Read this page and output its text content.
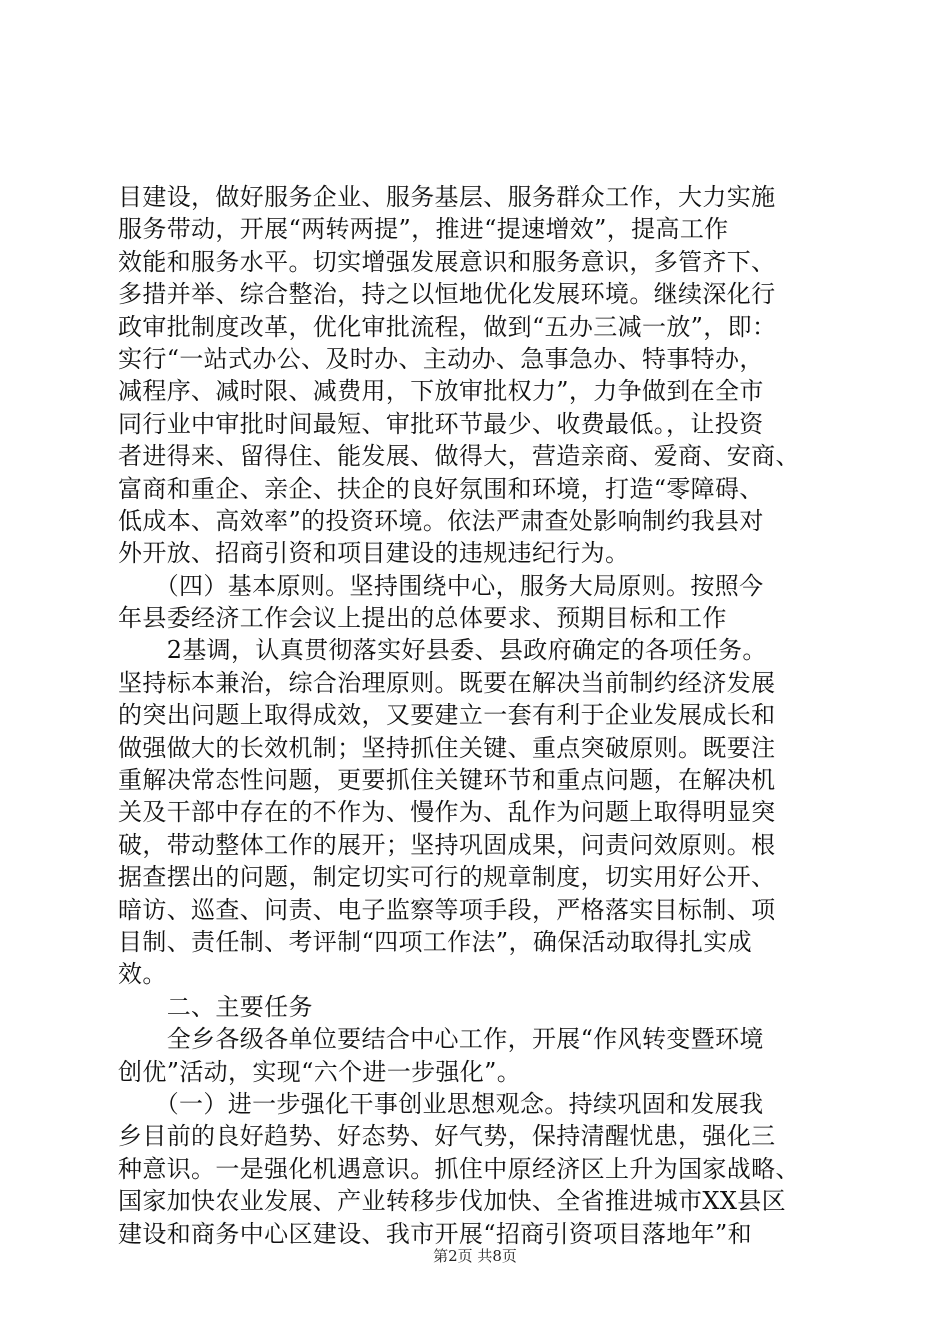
目建设，做好服务企业、服务基层、服务群众工作，大力实施
服务带动，开展“两转两提”，推进“提速增效”，提高工作
效能和服务水平。切实增强发展意识和服务意识，多管齐下、
多措并举、综合整治，持之以恒地优化发展环境。继续深化行
政审批制度改革，优化审批流程，做到“五办三减一放”，即：
实行“一站式办公、及时办、主动办、急事急办、特事特办，
减程序、减时限、减费用，下放审批权力”，力争做到在全市
同行业中审批时间最短、审批环节最少、收费最低。，让投资
者进得来、留得住、能发展、做得大，营造亲商、爱商、安商、
富商和重企、亲企、扶企的良好氛围和环境，打造“零障碍、
低成本、高效率”的投资环境。依法严肃查处影响制约我县对
外开放、招商引资和项目建设的违规违纪行为。
　　（四）基本原则。坚持围绕中心，服务大局原则。按照今
年县委经济工作会议上提出的总体要求、预期目标和工作
　　2基调，认真贯彻落实好县委、县政府确定的各项任务。
坚持标本兼治，综合治理原则。既要在解决当前制约经济发展
的突出问题上取得成效，又要建立一套有利于企业发展成长和
做强做大的长效机制；坚持抓住关键、重点突破原则。既要注
重解决常态性问题，更要抓住关键环节和重点问题，在解决机
关及干部中存在的不作为、慢作为、乱作为问题上取得明显突
破，带动整体工作的展开；坚持巩固成果，问责问效原则。根
据查摆出的问题，制定切实可行的规章制度，切实用好公开、
暗访、巡查、问责、电子监察等项手段，严格落实目标制、项
目制、责任制、考评制“四项工作法”，确保活动取得扎实成
效。
　　二、主要任务
　　全乡各级各单位要结合中心工作，开展“作风转变暨环境
创优”活动，实现“六个进一步强化”。
　　（一）进一步强化干事创业思想观念。持续巩固和发展我
乡目前的良好趋势、好态势、好气势，保持清醒忧患，强化三
种意识。一是强化机遇意识。抓住中原经济区上升为国家战略、
国家加快农业发展、产业转移步伐加快、全省推进城市XX县区
建设和商务中心区建设、我市开展“招商引资项目落地年”和
第2页 共8页
